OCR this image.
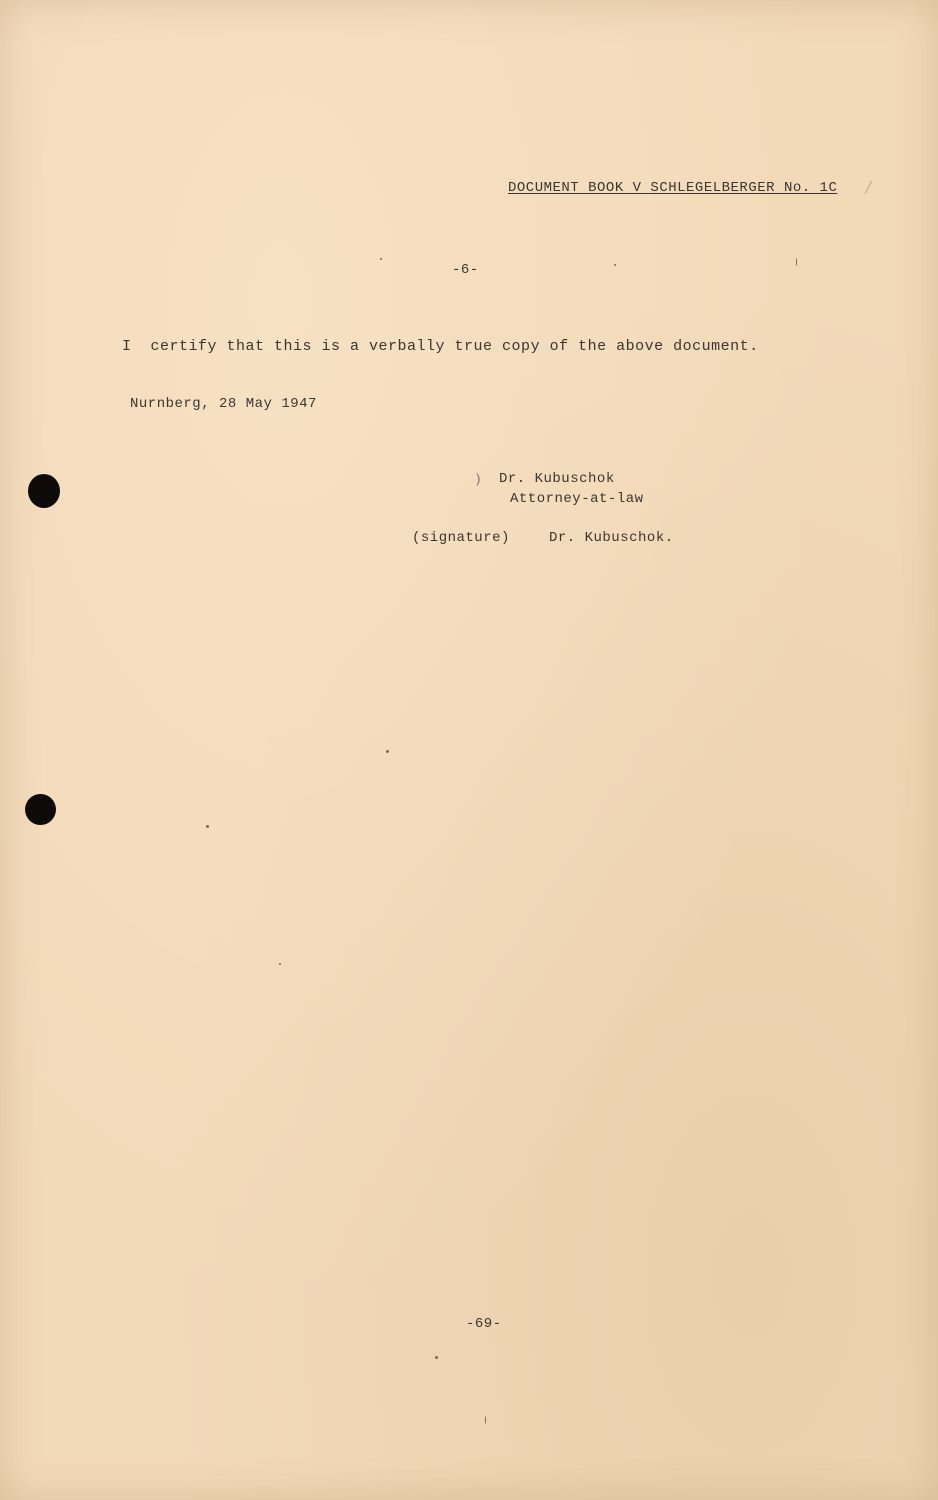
DOCUMENT BOOK V SCHLEGELBERGER No. 1C /
-6-
I  certify that this is a verbally true copy of the above document.
Nurnberg, 28 May 1947
) Dr. Kubuschok
Attorney-at-law
(signature)	Dr. Kubuschok.
-69-
